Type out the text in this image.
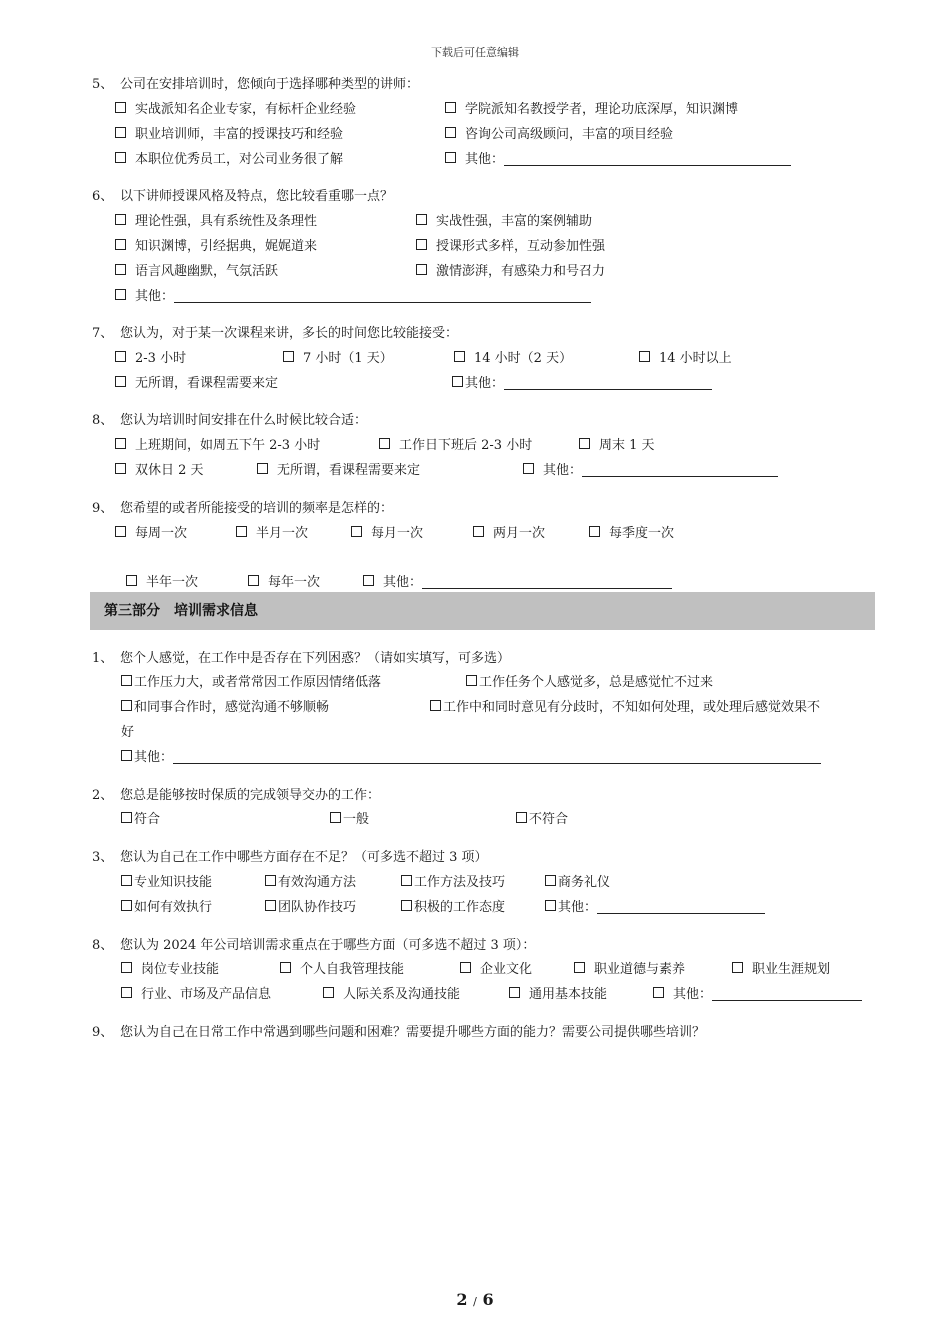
下载后可任意编辑
5、 公司在安排培训时，您倾向于选择哪种类型的讲师：
实战派知名企业专家，有标杆企业经验	学院派知名教授学者，理论功底深厚，知识渊博
职业培训师，丰富的授课技巧和经验	咨询公司高级顾问，丰富的项目经验
本职位优秀员工，对公司业务很了解	其他：
6、 以下讲师授课风格及特点，您比较看重哪一点？
理论性强，具有系统性及条理性	实战性强，丰富的案例辅助
知识渊博，引经据典，娓娓道来	授课形式多样，互动参加性强
语言风趣幽默，气氛活跃	激情澎湃，有感染力和号召力
其他：
7、 您认为，对于某一次课程来讲，多长的时间您比较能接受：
2-3 小时	7 小时（1 天）	14 小时（2 天）	14 小时以上
无所谓，看课程需要来定	其他：
8、 您认为培训时间安排在什么时候比较合适：
上班期间，如周五下午 2-3 小时	工作日下班后 2-3 小时	周末 1 天
双休日 2 天	无所谓，看课程需要来定	其他：
9、 您希望的或者所能接受的培训的频率是怎样的：
每周一次	半月一次	每月一次	两月一次	每季度一次
半年一次	每年一次	其他：
第三部分　培训需求信息
1、 您个人感觉，在工作中是否存在下列困惑？（请如实填写，可多选）
工作压力大，或者常常因工作原因情绪低落	工作任务个人感觉多，总是感觉忙不过来
和同事合作时，感觉沟通不够顺畅	工作中和同时意见有分歧时，不知如何处理，或处理后感觉效果不
好
其他：
2、 您总是能够按时保质的完成领导交办的工作：
符合	一般	不符合
3、 您认为自己在工作中哪些方面存在不足？（可多选不超过 3 项）
专业知识技能	有效沟通方法	工作方法及技巧	商务礼仪
如何有效执行	团队协作技巧	积极的工作态度	其他：
8、 您认为 2024 年公司培训需求重点在于哪些方面（可多选不超过 3 项）：
岗位专业技能	个人自我管理技能	企业文化	职业道德与素养	职业生涯规划
行业、市场及产品信息	人际关系及沟通技能	通用基本技能	其他：
9、 您认为自己在日常工作中常遇到哪些问题和困难？需要提升哪些方面的能力？需要公司提供哪些培训？
2 / 6
